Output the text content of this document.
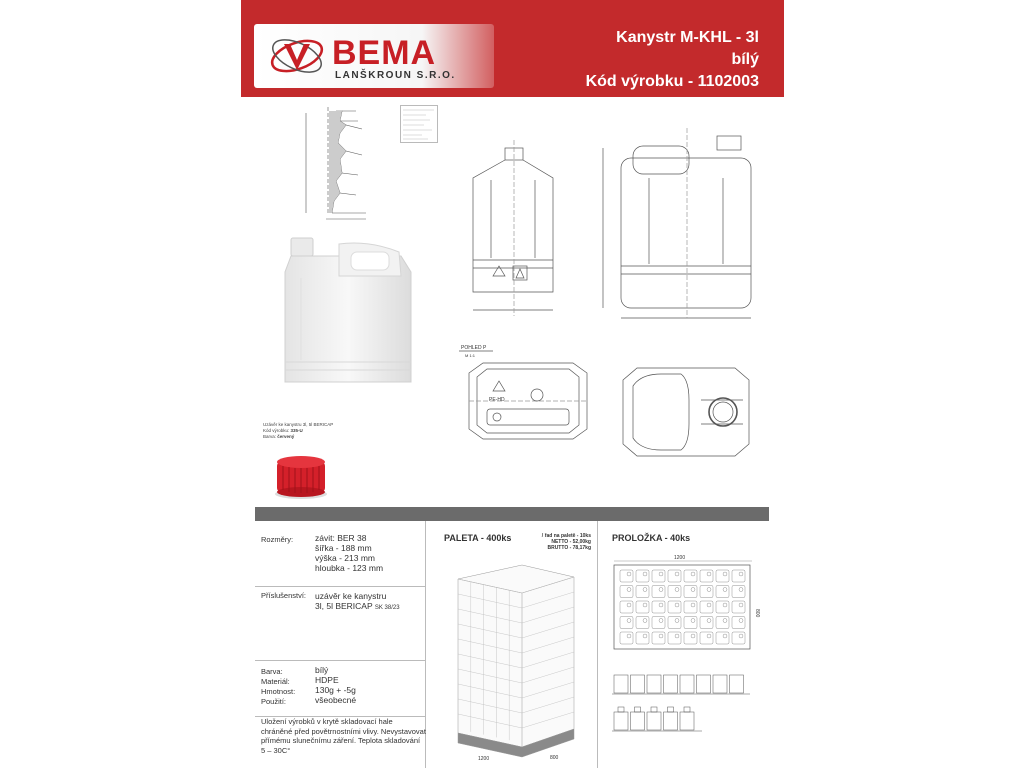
BEMA
LANŠKROUN S.R.O.
Kanystr M-KHL - 3l
bílý
Kód výrobku - 1102003
POHLED P
M 1:1
PE-HD
Uzávěr ke kanystru 3l, 5l BERICAP
Kód výrobku: 335-U
Barva: červený
Rozměry:	závit: BER 38
šířka - 188 mm
výška - 213 mm
hloubka - 123 mm
Příslušenství: uzávěr ke kanystru
3l, 5l BERICAP SK 38/23
Barva:	bílý
Materiál:	HDPE
Hmotnost: 130g + -5g
Použití:	všeobecné
Uložení výrobků v krytě skladovací hale chráněné před povětrnostními vlivy. Nevystavovat přímému slunečnímu záření. Teplota skladování 5 – 30C°
PALETA - 400ks	/ řad na paletě - 10ks
NETTO - 52,00kg
BRUTTO - 78,17kg
1200	800
PROLOŽKA - 40ks
1200
800
